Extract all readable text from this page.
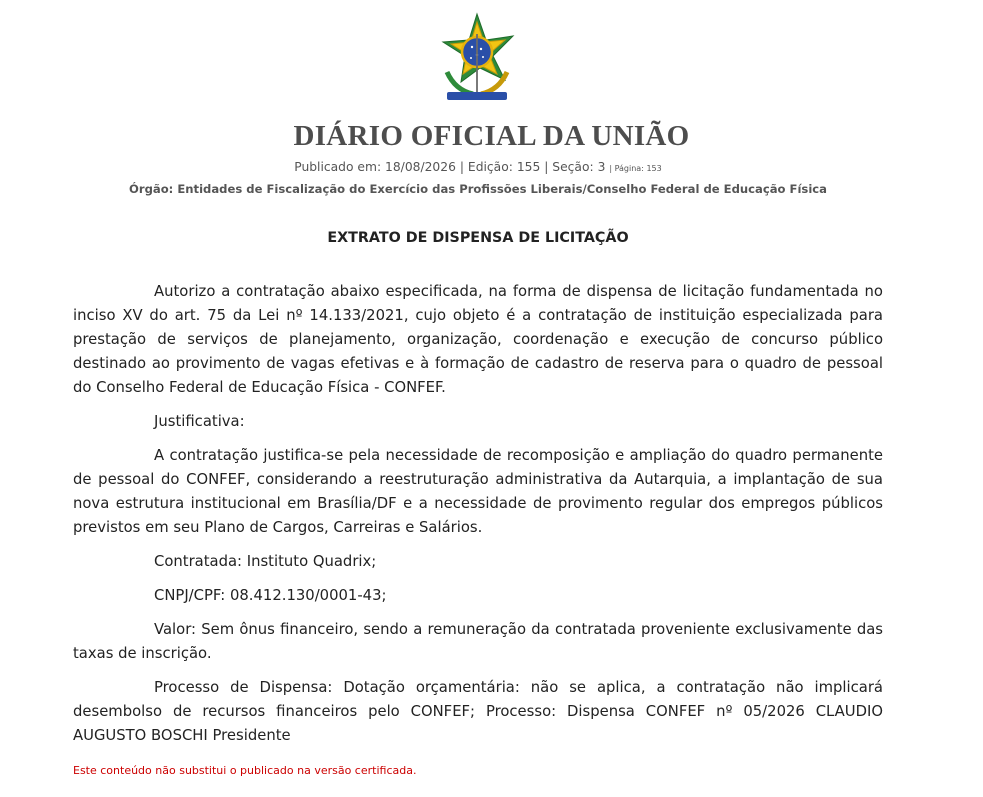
DIÁRIO OFICIAL DA UNIÃO
Publicado em: 18/08/2026 | Edição: 155 | Seção: 3 | Página: 153
Órgão: Entidades de Fiscalização do Exercício das Profissões Liberais/Conselho Federal de Educação Física
EXTRATO DE DISPENSA DE LICITAÇÃO

Autorizo a contratação abaixo especificada, na forma de dispensa de licitação fundamentada no inciso XV do art. 75 da Lei nº 14.133/2021, cujo objeto é a contratação de instituição especializada para prestação de serviços de planejamento, organização, coordenação e execução de concurso público destinado ao provimento de vagas efetivas e à formação de cadastro de reserva para o quadro de pessoal do Conselho Federal de Educação Física - CONFEF.

Justificativa:

A contratação justifica-se pela necessidade de recomposição e ampliação do quadro permanente de pessoal do CONFEF, considerando a reestruturação administrativa da Autarquia, a implantação de sua nova estrutura institucional em Brasília/DF e a necessidade de provimento regular dos empregos públicos previstos em seu Plano de Cargos, Carreiras e Salários.

Contratada: Instituto Quadrix;

CNPJ/CPF: 08.412.130/0001-43;

Valor: Sem ônus financeiro, sendo a remuneração da contratada proveniente exclusivamente das taxas de inscrição.

Processo de Dispensa: Dotação orçamentária: não se aplica, a contratação não implicará desembolso de recursos financeiros pelo CONFEF; Processo: Dispensa CONFEF nº 05/2026 CLAUDIO AUGUSTO BOSCHI Presidente

Este conteúdo não substitui o publicado na versão certificada.
